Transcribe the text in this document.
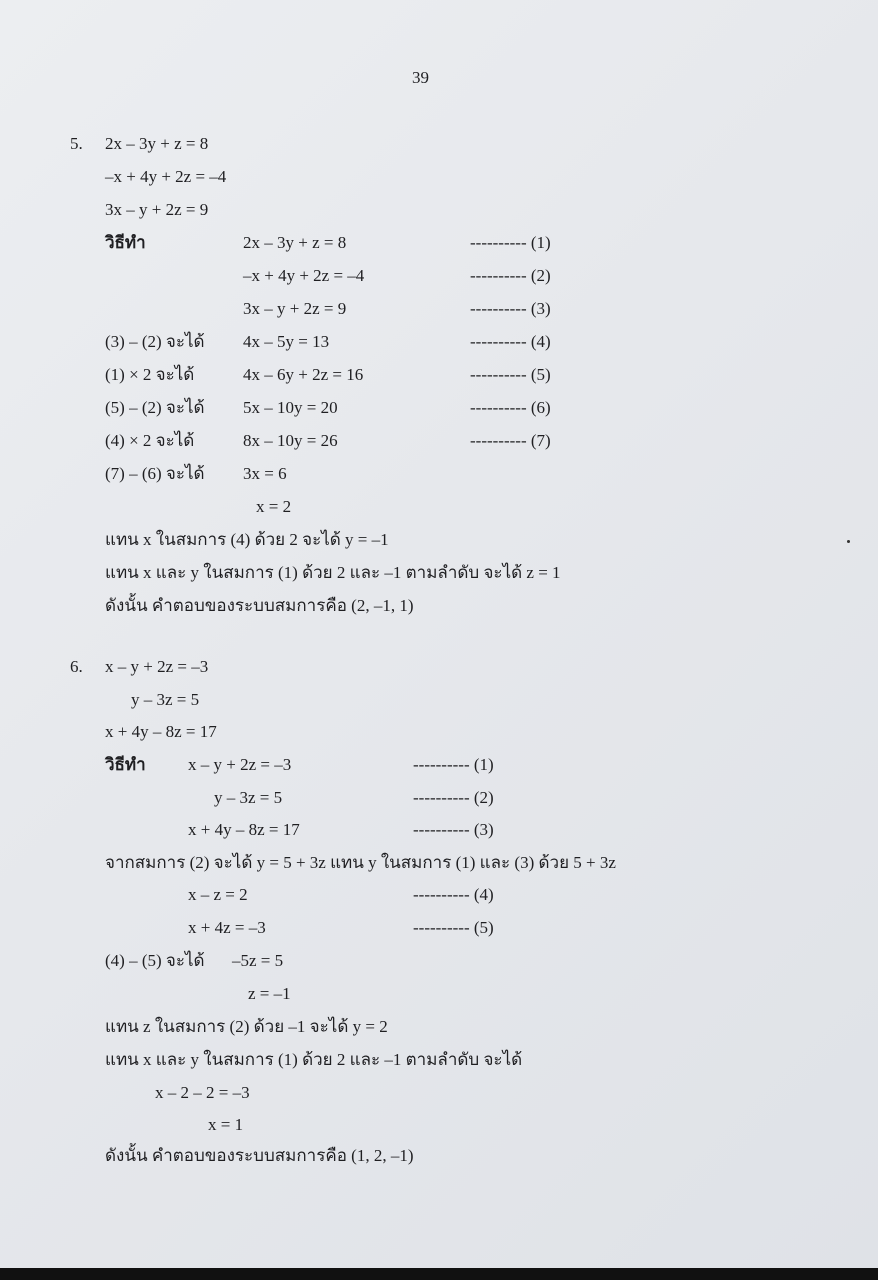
39
5. 2x – 3y + z = 8
–x + 4y + 2z = –4
3x – y + 2z = 9
วิธีทำ	2x – 3y + z = 8	---------- (1)
–x + 4y + 2z = –4	---------- (2)
3x – y + 2z = 9	---------- (3)
(3) – (2) จะได้ 4x – 5y = 13	---------- (4)
(1) × 2 จะได้	4x – 6y + 2z = 16	---------- (5)
(5) – (2) จะได้ 5x – 10y = 20	---------- (6)
(4) × 2 จะได้	8x – 10y = 26	---------- (7)
(7) – (6) จะได้ 3x = 6
x = 2
แทน x ในสมการ (4) ด้วย 2 จะได้ y = –1
แทน x และ y ในสมการ (1) ด้วย 2 และ –1 ตามลำดับ จะได้ z = 1
ดังนั้น คำตอบของระบบสมการคือ (2, –1, 1)
6. x – y + 2z = –3
y – 3z = 5
x + 4y – 8z = 17
วิธีทำ x – y + 2z = –3	---------- (1)
y – 3z = 5	---------- (2)
x + 4y – 8z = 17	---------- (3)
จากสมการ (2) จะได้ y = 5 + 3z แทน y ในสมการ (1) และ (3) ด้วย 5 + 3z
x – z = 2	---------- (4)
x + 4z = –3	---------- (5)
(4) – (5) จะได้ –5z = 5
z = –1
แทน z ในสมการ (2) ด้วย –1 จะได้ y = 2
แทน x และ y ในสมการ (1) ด้วย 2 และ –1 ตามลำดับ จะได้
x – 2 – 2 = –3
x = 1
ดังนั้น คำตอบของระบบสมการคือ (1, 2, –1)
